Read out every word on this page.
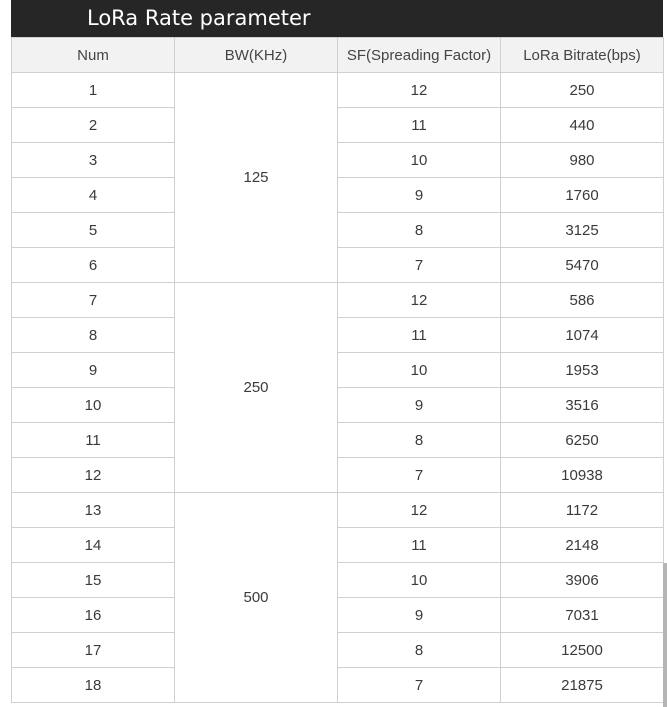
LoRa Rate parameter
Num	BW(KHz)	SF(Spreading Factor)	LoRa Bitrate(bps)
1	125	12	250
2		11	440
3		10	980
4		9	1760
5		8	3125
6		7	5470
7	250	12	586
8		11	1074
9		10	1953
10		9	3516
11		8	6250
12		7	10938
13	500	12	1172
14		11	2148
15		10	3906
16		9	7031
17		8	12500
18		7	21875
